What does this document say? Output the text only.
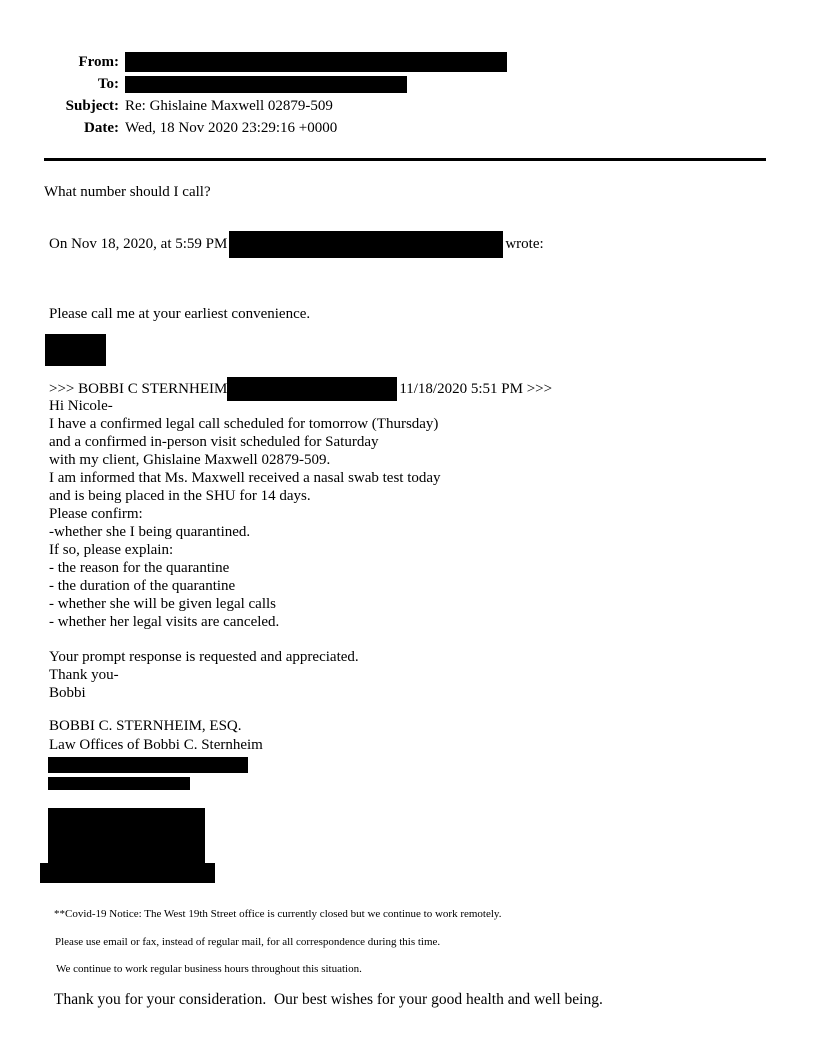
From:
To:
Subject: Re: Ghislaine Maxwell 02879-509
Date: Wed, 18 Nov 2020 23:29:16 +0000
What number should I call?
On Nov 18, 2020, at 5:59 PM	wrote:
Please call me at your earliest convenience.
>>> BOBBI C STERNHEIM	11/18/2020 5:51 PM >>>
Hi Nicole-
I have a confirmed legal call scheduled for tomorrow (Thursday)
and a confirmed in-person visit scheduled for Saturday
with my client, Ghislaine Maxwell 02879-509.
I am informed that Ms. Maxwell received a nasal swab test today
and is being placed in the SHU for 14 days.
Please confirm:
-whether she I being quarantined.
If so, please explain:
- the reason for the quarantine
- the duration of the quarantine
- whether she will be given legal calls
- whether her legal visits are canceled.
Your prompt response is requested and appreciated.
Thank you-
Bobbi
BOBBI C. STERNHEIM, ESQ.
Law Offices of Bobbi C. Sternheim
**Covid-19 Notice: The West 19th Street office is currently closed but we continue to work remotely.
Please use email or fax, instead of regular mail, for all correspondence during this time.
We continue to work regular business hours throughout this situation.
Thank you for your consideration.  Our best wishes for your good health and well being.
